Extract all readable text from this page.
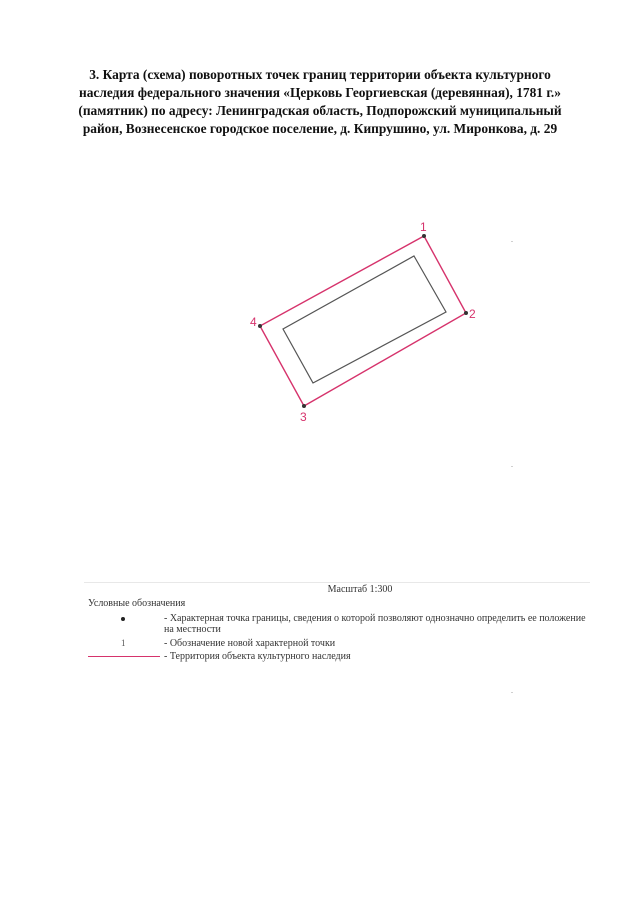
3. Карта (схема) поворотных точек границ территории объекта культурного
наследия федерального значения «Церковь Георгиевская (деревянная), 1781 г.»
(памятник) по адресу: Ленинградская область, Подпорожский муниципальный
район, Вознесенское городское поселение, д. Кипрушино, ул. Миронкова, д. 29
1
2
3
4
Масштаб 1:300
Условные обозначения
- Характерная точка границы, сведения о которой позволяют однозначно определить ее положение на местности
1	- Обозначение новой характерной точки
- Территория объекта культурного наследия
